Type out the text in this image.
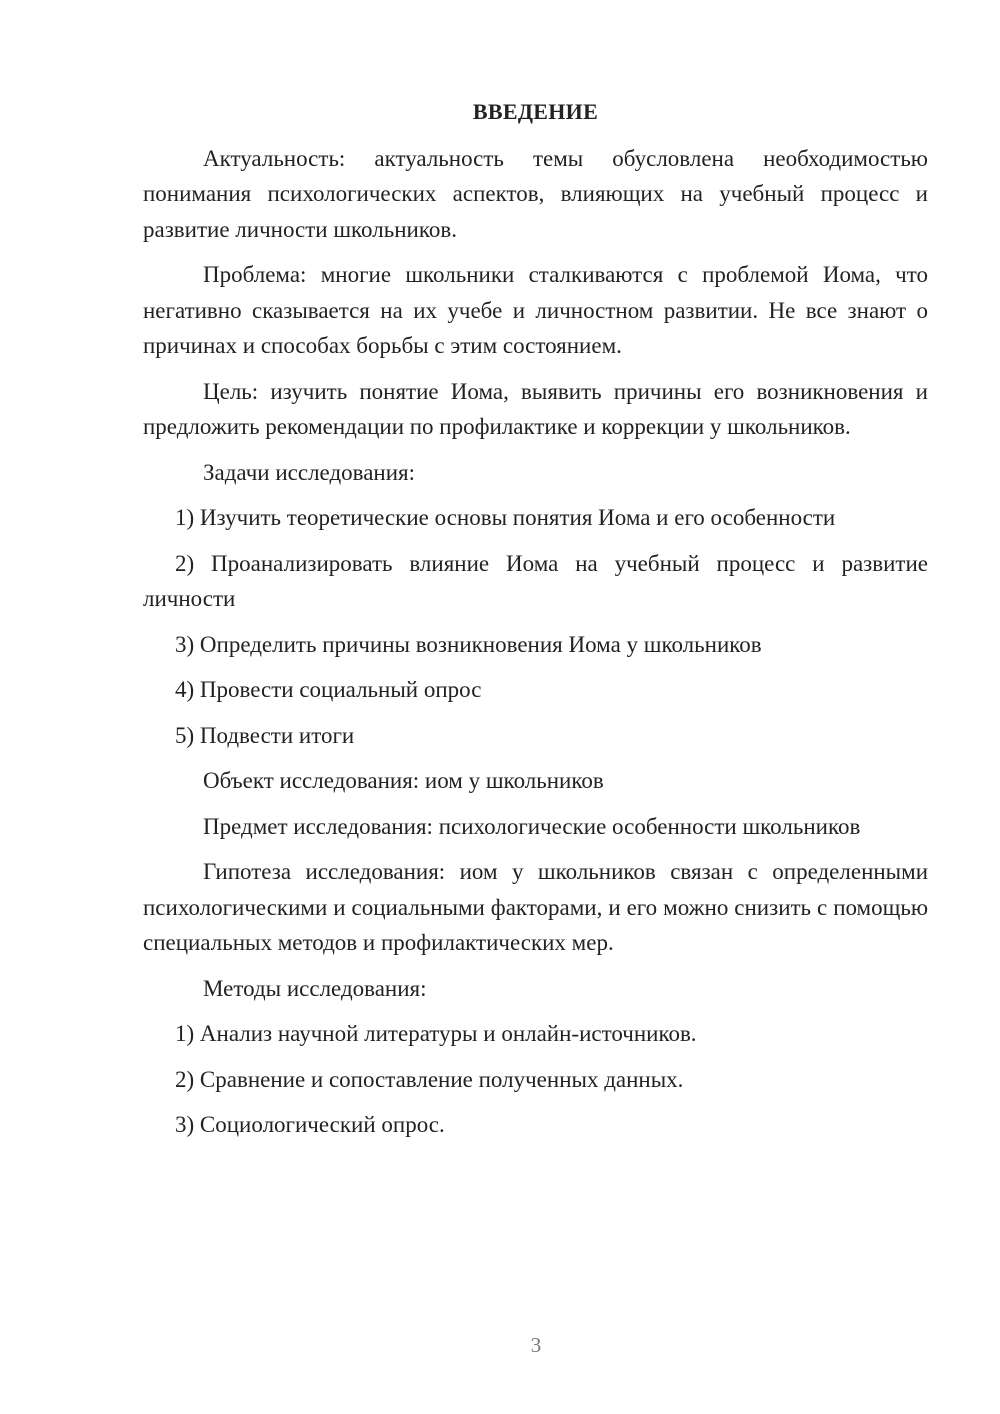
ВВЕДЕНИЕ

Актуальность: актуальность темы обусловлена необходимостью понимания психологических аспектов, влияющих на учебный процесс и развитие личности школьников.

Проблема: многие школьники сталкиваются с проблемой Иома, что негативно сказывается на их учебе и личностном развитии. Не все знают о причинах и способах борьбы с этим состоянием.

Цель: изучить понятие Иома, выявить причины его возникновения и предложить рекомендации по профилактике и коррекции у школьников.

Задачи исследования:

1) Изучить теоретические основы понятия Иома и его особенности

2) Проанализировать влияние Иома на учебный процесс и развитие личности

3) Определить причины возникновения Иома у школьников

4) Провести социальный опрос

5) Подвести итоги

Объект исследования: иом у школьников

Предмет исследования: психологические особенности школьников

Гипотеза исследования: иом у школьников связан с определенными психологическими и социальными факторами, и его можно снизить с помощью специальных методов и профилактических мер.

Методы исследования:

1) Анализ научной литературы и онлайн-источников.

2) Сравнение и сопоставление полученных данных.

3) Социологический опрос.

3
